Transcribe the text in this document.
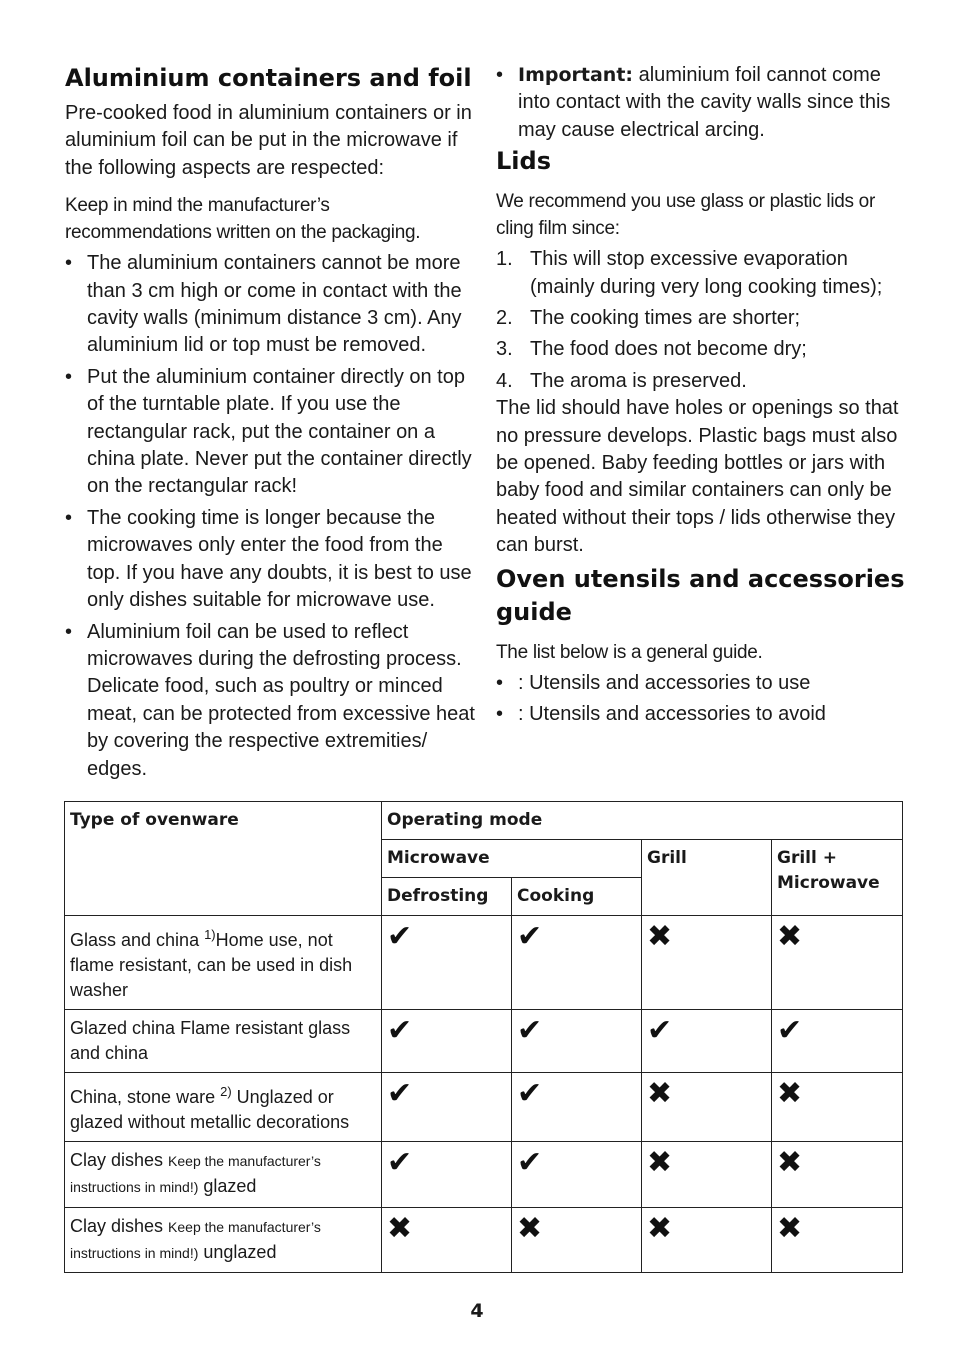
Aluminium containers and foil

Pre-cooked food in aluminium containers or in aluminium foil can be put in the microwave if the following aspects are respected:

Keep in mind the manufacturer’s recommendations written on the packaging.

• The aluminium containers cannot be more than 3 cm high or come in contact with the cavity walls (minimum distance 3 cm). Any aluminium lid or top must be removed.
• Put the aluminium container directly on top of the turntable plate. If you use the rectangular rack, put the container on a china plate. Never put the container directly on the rectangular rack!
• The cooking time is longer because the microwaves only enter the food from the top. If you have any doubts, it is best to use only dishes suitable for microwave use.
• Aluminium foil can be used to reflect microwaves during the defrosting process. Delicate food, such as poultry or minced meat, can be protected from excessive heat by covering the respective extremities/ edges.
• Important: aluminium foil cannot come into contact with the cavity walls since this may cause electrical arcing.
Lids

We recommend you use glass or plastic lids or cling film since:

1. This will stop excessive evaporation (mainly during very long cooking times);
2. The cooking times are shorter;
3. The food does not become dry;
4. The aroma is preserved.

The lid should have holes or openings so that no pressure develops. Plastic bags must also be opened. Baby feeding bottles or jars with baby food and similar containers can only be heated without their tops / lids otherwise they can burst.

Oven utensils and accessories guide

The list below is a general guide.

• : Utensils and accessories to use
• : Utensils and accessories to avoid
Type of ovenware	Operating mode			
	Microwave		Grill	Grill + Microwave
	Defrosting	Cooking		
Glass and china $^{1)}$Home use, not flame resistant, can be used in dish washer	✔	✔	✖	✖
Glazed china Flame resistant glass and china	✔	✔	✔	✔
China, stone ware $^{2)}$ Unglazed or glazed without metallic decorations	✔	✔	✖	✖
Clay dishes Keep the manufacturer’s instructions in mind!) glazed	✔	✔	✖	✖
Clay dishes Keep the manufacturer’s instructions in mind!) unglazed	✖	✖	✖	✖
4
